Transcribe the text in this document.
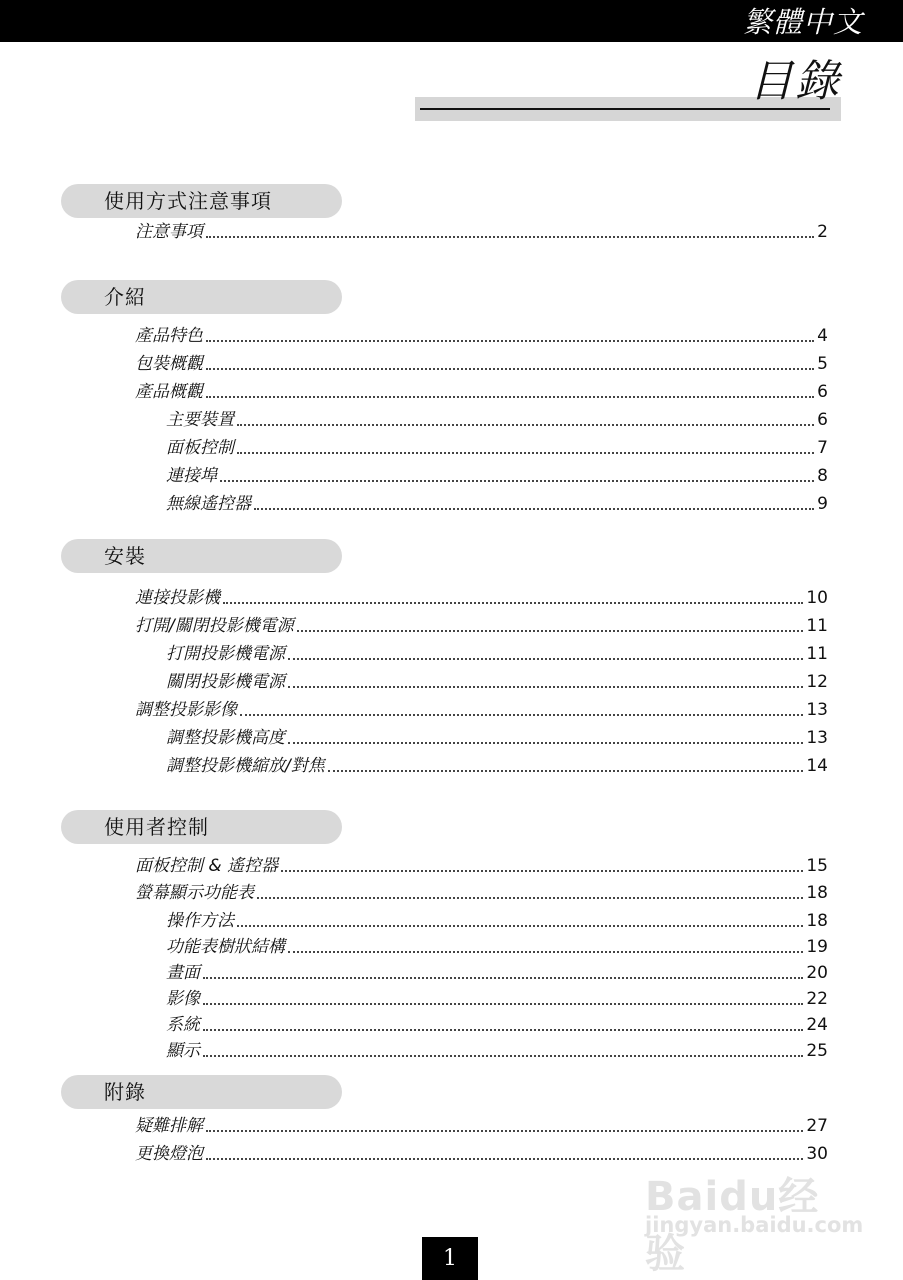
繁體中文
目錄
使用方式注意事項
注意事項	2
介紹
產品特色	4
包裝概觀	5
產品概觀	6
主要裝置	6
面板控制	7
連接埠	8
無線遙控器	9
安裝
連接投影機	10
打開/關閉投影機電源	11
打開投影機電源	11
關閉投影機電源	12
調整投影影像	13
調整投影機高度	13
調整投影機縮放/對焦	14
使用者控制
面板控制 & 遙控器	15
螢幕顯示功能表	18
操作方法	18
功能表樹狀結構	19
畫面	20
影像	22
系統	24
顯示	25
附錄
疑難排解	27
更換燈泡	30
Baidu经验
jingyan.baidu.com
1
